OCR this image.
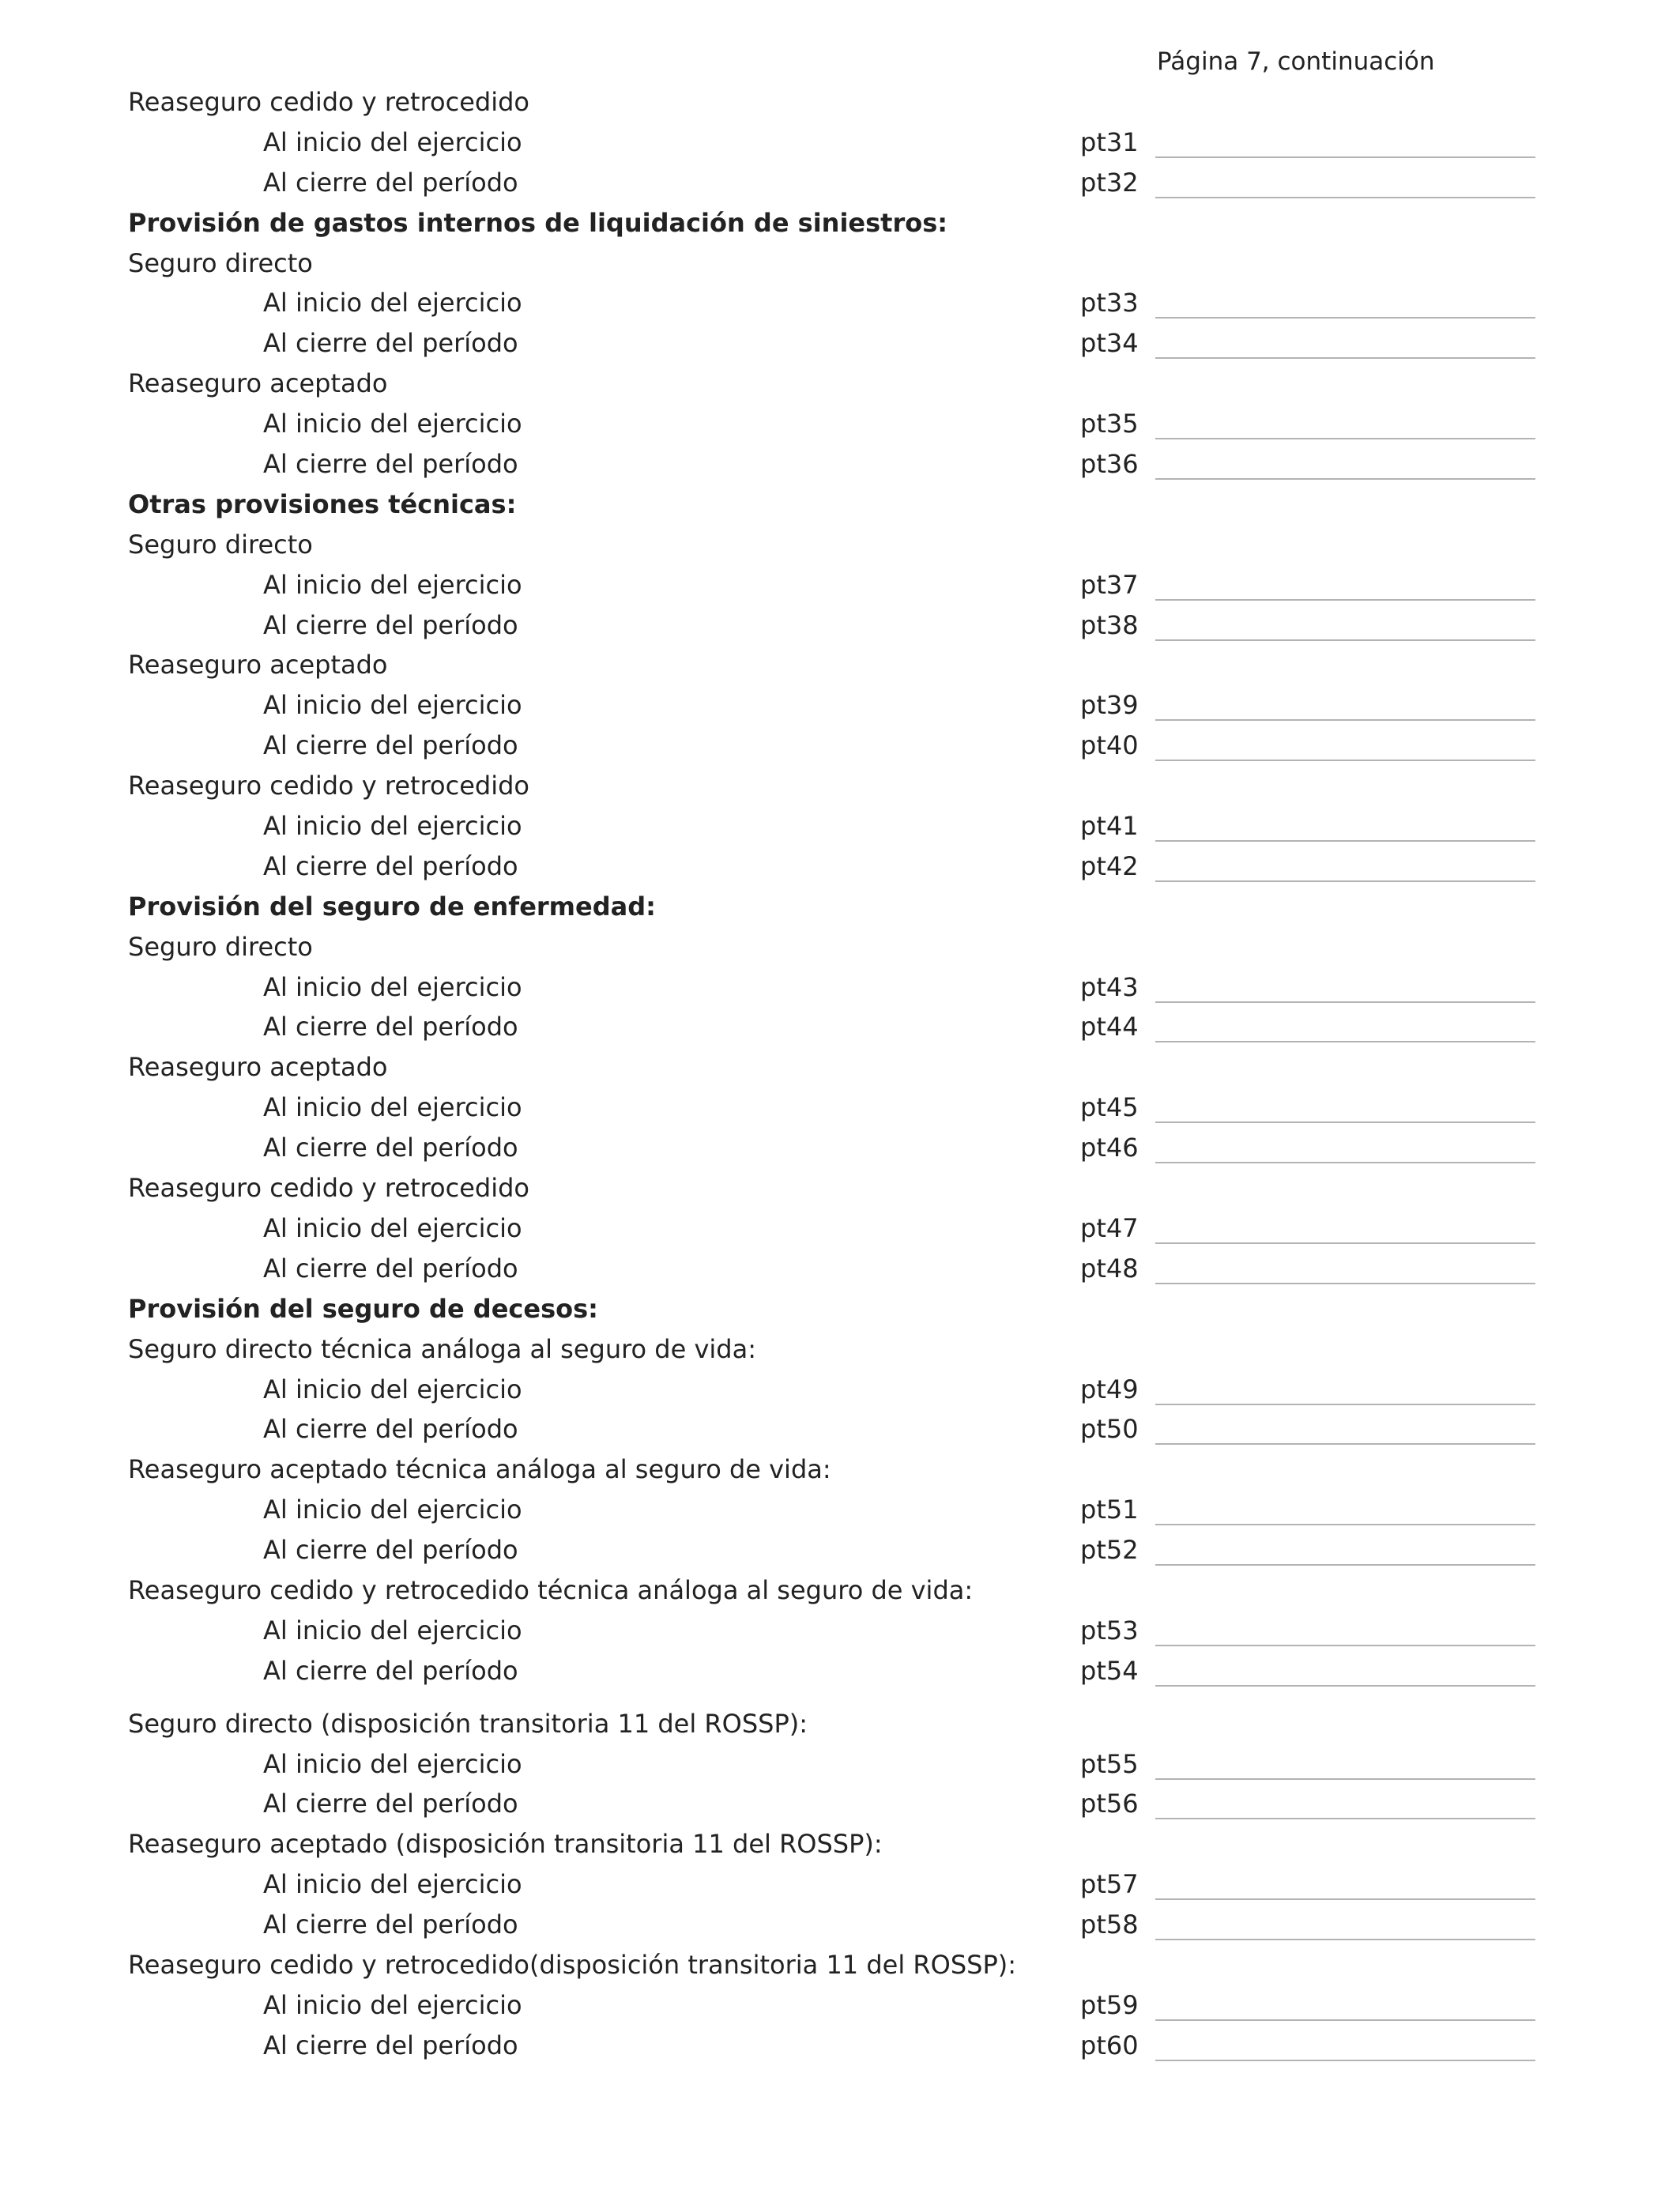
Página 7, continuación
Reaseguro cedido y retrocedido
Al inicio del ejercicio	pt31
Al cierre del período	pt32
Provisión de gastos internos de liquidación de siniestros:
Seguro directo
Al inicio del ejercicio	pt33
Al cierre del período	pt34
Reaseguro aceptado
Al inicio del ejercicio	pt35
Al cierre del período	pt36
Otras provisiones técnicas:
Seguro directo
Al inicio del ejercicio	pt37
Al cierre del período	pt38
Reaseguro aceptado
Al inicio del ejercicio	pt39
Al cierre del período	pt40
Reaseguro cedido y retrocedido
Al inicio del ejercicio	pt41
Al cierre del período	pt42
Provisión del seguro de enfermedad:
Seguro directo
Al inicio del ejercicio	pt43
Al cierre del período	pt44
Reaseguro aceptado
Al inicio del ejercicio	pt45
Al cierre del período	pt46
Reaseguro cedido y retrocedido
Al inicio del ejercicio	pt47
Al cierre del período	pt48
Provisión del seguro de decesos:
Seguro directo técnica análoga al seguro de vida:
Al inicio del ejercicio	pt49
Al cierre del período	pt50
Reaseguro aceptado técnica análoga al seguro de vida:
Al inicio del ejercicio	pt51
Al cierre del período	pt52
Reaseguro cedido y retrocedido técnica análoga al seguro de vida:
Al inicio del ejercicio	pt53
Al cierre del período	pt54
Seguro directo (disposición transitoria 11 del ROSSP):
Al inicio del ejercicio	pt55
Al cierre del período	pt56
Reaseguro aceptado (disposición transitoria 11 del ROSSP):
Al inicio del ejercicio	pt57
Al cierre del período	pt58
Reaseguro cedido y retrocedido(disposición transitoria 11 del ROSSP):
Al inicio del ejercicio	pt59
Al cierre del período	pt60
